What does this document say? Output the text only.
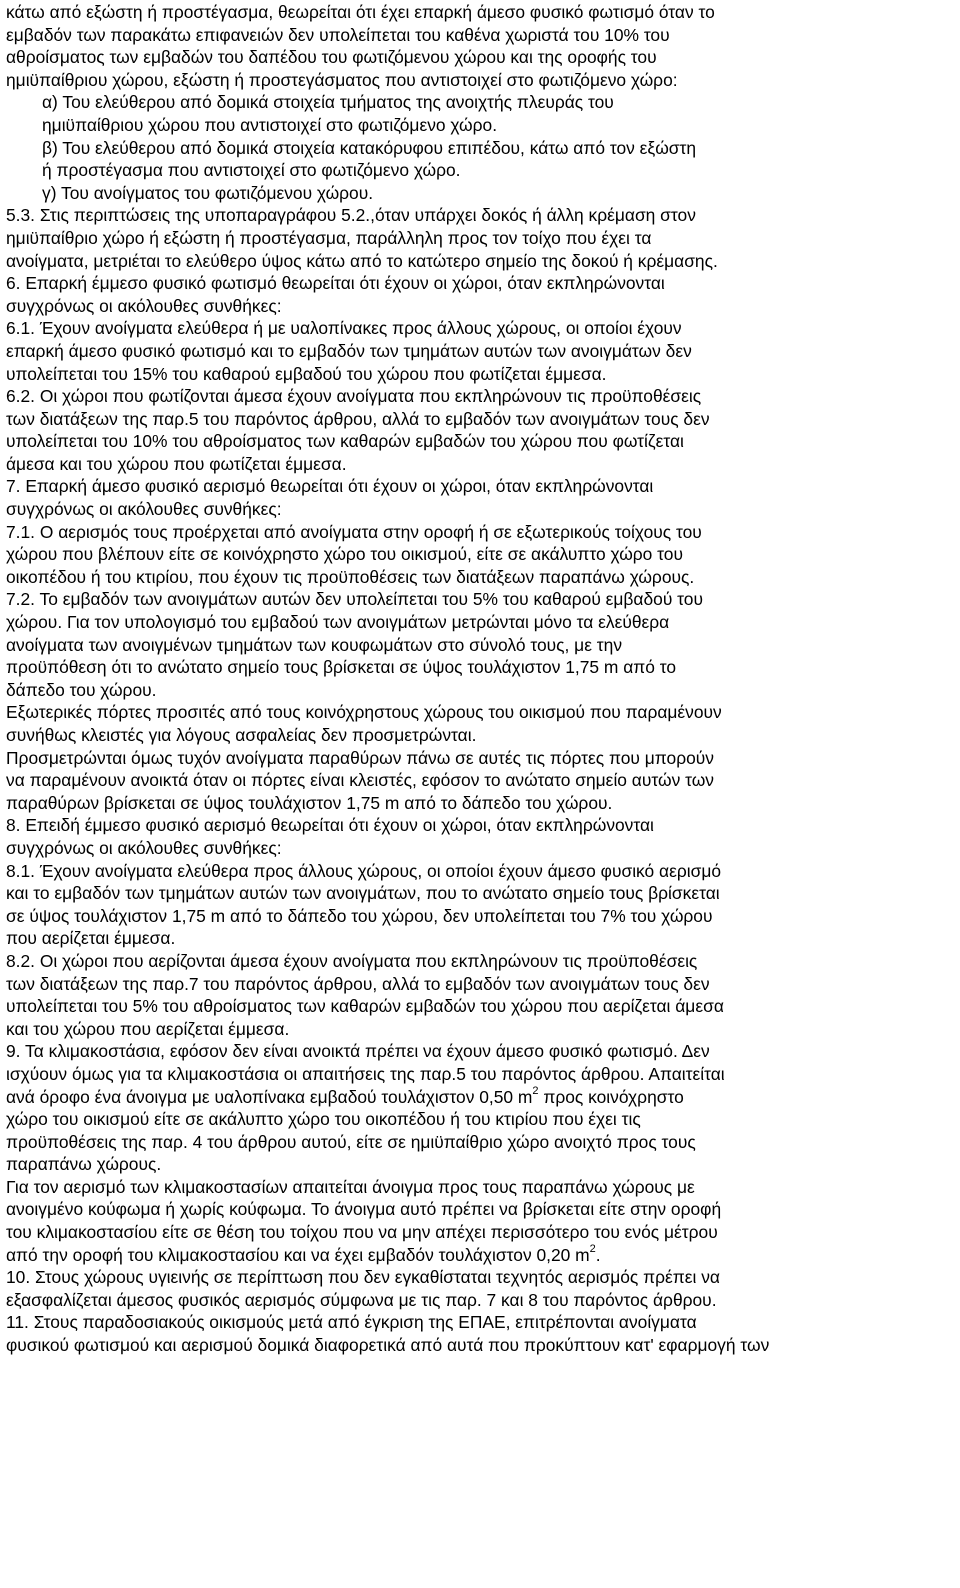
κάτω από εξώστη ή προστέγασμα, θεωρείται ότι έχει επαρκή άμεσο φυσικό φωτισμό όταν το
εμβαδόν των παρακάτω επιφανειών δεν υπολείπεται του καθένα χωριστά του 10% του
αθροίσματος των εμβαδών του δαπέδου του φωτιζόμενου χώρου και της οροφής του
ημιϋπαίθριου χώρου, εξώστη ή προστεγάσματος που αντιστοιχεί στο φωτιζόμενο χώρο:
α) Του ελεύθερου από δομικά στοιχεία τμήματος της ανοιχτής πλευράς του
ημιϋπαίθριου χώρου που αντιστοιχεί στο φωτιζόμενο χώρο.
β) Του ελεύθερου από δομικά στοιχεία κατακόρυφου επιπέδου, κάτω από τον εξώστη
ή προστέγασμα που αντιστοιχεί στο φωτιζόμενο χώρο.
γ) Του ανοίγματος του φωτιζόμενου χώρου.
5.3. Στις περιπτώσεις της υποπαραγράφου 5.2.,όταν υπάρχει δοκός ή άλλη κρέμαση στον
ημιϋπαίθριο χώρο ή εξώστη ή προστέγασμα, παράλληλη προς τον τοίχο που έχει τα
ανοίγματα, μετριέται το ελεύθερο ύψος κάτω από το κατώτερο σημείο της δοκού ή κρέμασης.
6. Επαρκή έμμεσο φυσικό φωτισμό θεωρείται ότι έχουν οι χώροι, όταν εκπληρώνονται
συγχρόνως οι ακόλουθες συνθήκες:
6.1. Έχουν ανοίγματα ελεύθερα ή με υαλοπίνακες προς άλλους χώρους, οι οποίοι έχουν
επαρκή άμεσο φυσικό φωτισμό και το εμβαδόν των τμημάτων αυτών των ανοιγμάτων δεν
υπολείπεται του 15% του καθαρού εμβαδού του χώρου που φωτίζεται έμμεσα.
6.2. Οι χώροι που φωτίζονται άμεσα έχουν ανοίγματα που εκπληρώνουν τις προϋποθέσεις
των διατάξεων της παρ.5 του παρόντος άρθρου, αλλά το εμβαδόν των ανοιγμάτων τους δεν
υπολείπεται του 10% του αθροίσματος των καθαρών εμβαδών του χώρου που φωτίζεται
άμεσα και του χώρου που φωτίζεται έμμεσα.
7. Επαρκή άμεσο φυσικό αερισμό θεωρείται ότι έχουν οι χώροι, όταν εκπληρώνονται
συγχρόνως οι ακόλουθες συνθήκες:
7.1. Ο αερισμός τους προέρχεται από ανοίγματα στην οροφή ή σε εξωτερικούς τοίχους του
χώρου που βλέπουν είτε σε κοινόχρηστο χώρο του οικισμού, είτε σε ακάλυπτο χώρο του
οικοπέδου ή του κτιρίου, που έχουν τις προϋποθέσεις των διατάξεων παραπάνω χώρους.
7.2. Το εμβαδόν των ανοιγμάτων αυτών δεν υπολείπεται του 5% του καθαρού εμβαδού του
χώρου. Για τον υπολογισμό του εμβαδού των ανοιγμάτων μετρώνται μόνο τα ελεύθερα
ανοίγματα των ανοιγμένων τμημάτων των κουφωμάτων στο σύνολό τους, με την
προϋπόθεση ότι το ανώτατο σημείο τους βρίσκεται σε ύψος τουλάχιστον 1,75 m από το
δάπεδο του χώρου.
Εξωτερικές πόρτες προσιτές από τους κοινόχρηστους χώρους του οικισμού που παραμένουν
συνήθως κλειστές για λόγους ασφαλείας δεν προσμετρώνται.
Προσμετρώνται όμως τυχόν ανοίγματα παραθύρων πάνω σε αυτές τις πόρτες που μπορούν
να παραμένουν ανοικτά όταν οι πόρτες είναι κλειστές, εφόσον το ανώτατο σημείο αυτών των
παραθύρων βρίσκεται σε ύψος τουλάχιστον 1,75 m από το δάπεδο του χώρου.
8. Επειδή έμμεσο φυσικό αερισμό θεωρείται ότι έχουν οι χώροι, όταν εκπληρώνονται
συγχρόνως οι ακόλουθες συνθήκες:
8.1. Έχουν ανοίγματα ελεύθερα προς άλλους χώρους, οι οποίοι έχουν άμεσο φυσικό αερισμό
και το εμβαδόν των τμημάτων αυτών των ανοιγμάτων, που το ανώτατο σημείο τους βρίσκεται
σε ύψος τουλάχιστον 1,75 m από το δάπεδο του χώρου, δεν υπολείπεται του 7% του χώρου
που αερίζεται έμμεσα.
8.2. Οι χώροι που αερίζονται άμεσα έχουν ανοίγματα που εκπληρώνουν τις προϋποθέσεις
των διατάξεων της παρ.7 του παρόντος άρθρου, αλλά το εμβαδόν των ανοιγμάτων τους δεν
υπολείπεται του 5% του αθροίσματος των καθαρών εμβαδών του χώρου που αερίζεται άμεσα
και του χώρου που αερίζεται έμμεσα.
9. Τα κλιμακοστάσια, εφόσον δεν είναι ανοικτά πρέπει να έχουν άμεσο φυσικό φωτισμό. Δεν
ισχύουν όμως για τα κλιμακοστάσια οι απαιτήσεις της παρ.5 του παρόντος άρθρου. Απαιτείται
ανά όροφο ένα άνοιγμα με υαλοπίνακα εμβαδού τουλάχιστον 0,50 $m^2$ προς κοινόχρηστο
χώρο του οικισμού είτε σε ακάλυπτο χώρο του οικοπέδου ή του κτιρίου που έχει τις
προϋποθέσεις της παρ. 4 του άρθρου αυτού, είτε σε ημιϋπαίθριο χώρο ανοιχτό προς τους
παραπάνω χώρους.
Για τον αερισμό των κλιμακοστασίων απαιτείται άνοιγμα προς τους παραπάνω χώρους με
ανοιγμένο κούφωμα ή χωρίς κούφωμα. Το άνοιγμα αυτό πρέπει να βρίσκεται είτε στην οροφή
του κλιμακοστασίου είτε σε θέση του τοίχου που να μην απέχει περισσότερο του ενός μέτρου
από την οροφή του κλιμακοστασίου και να έχει εμβαδόν τουλάχιστον 0,20 $m^2$.
10. Στους χώρους υγιεινής σε περίπτωση που δεν εγκαθίσταται τεχνητός αερισμός πρέπει να
εξασφαλίζεται άμεσος φυσικός αερισμός σύμφωνα με τις παρ. 7 και 8 του παρόντος άρθρου.
11. Στους παραδοσιακούς οικισμούς μετά από έγκριση της ΕΠΑΕ, επιτρέπονται ανοίγματα
φυσικού φωτισμού και αερισμού δομικά διαφορετικά από αυτά που προκύπτουν κατ' εφαρμογή των
